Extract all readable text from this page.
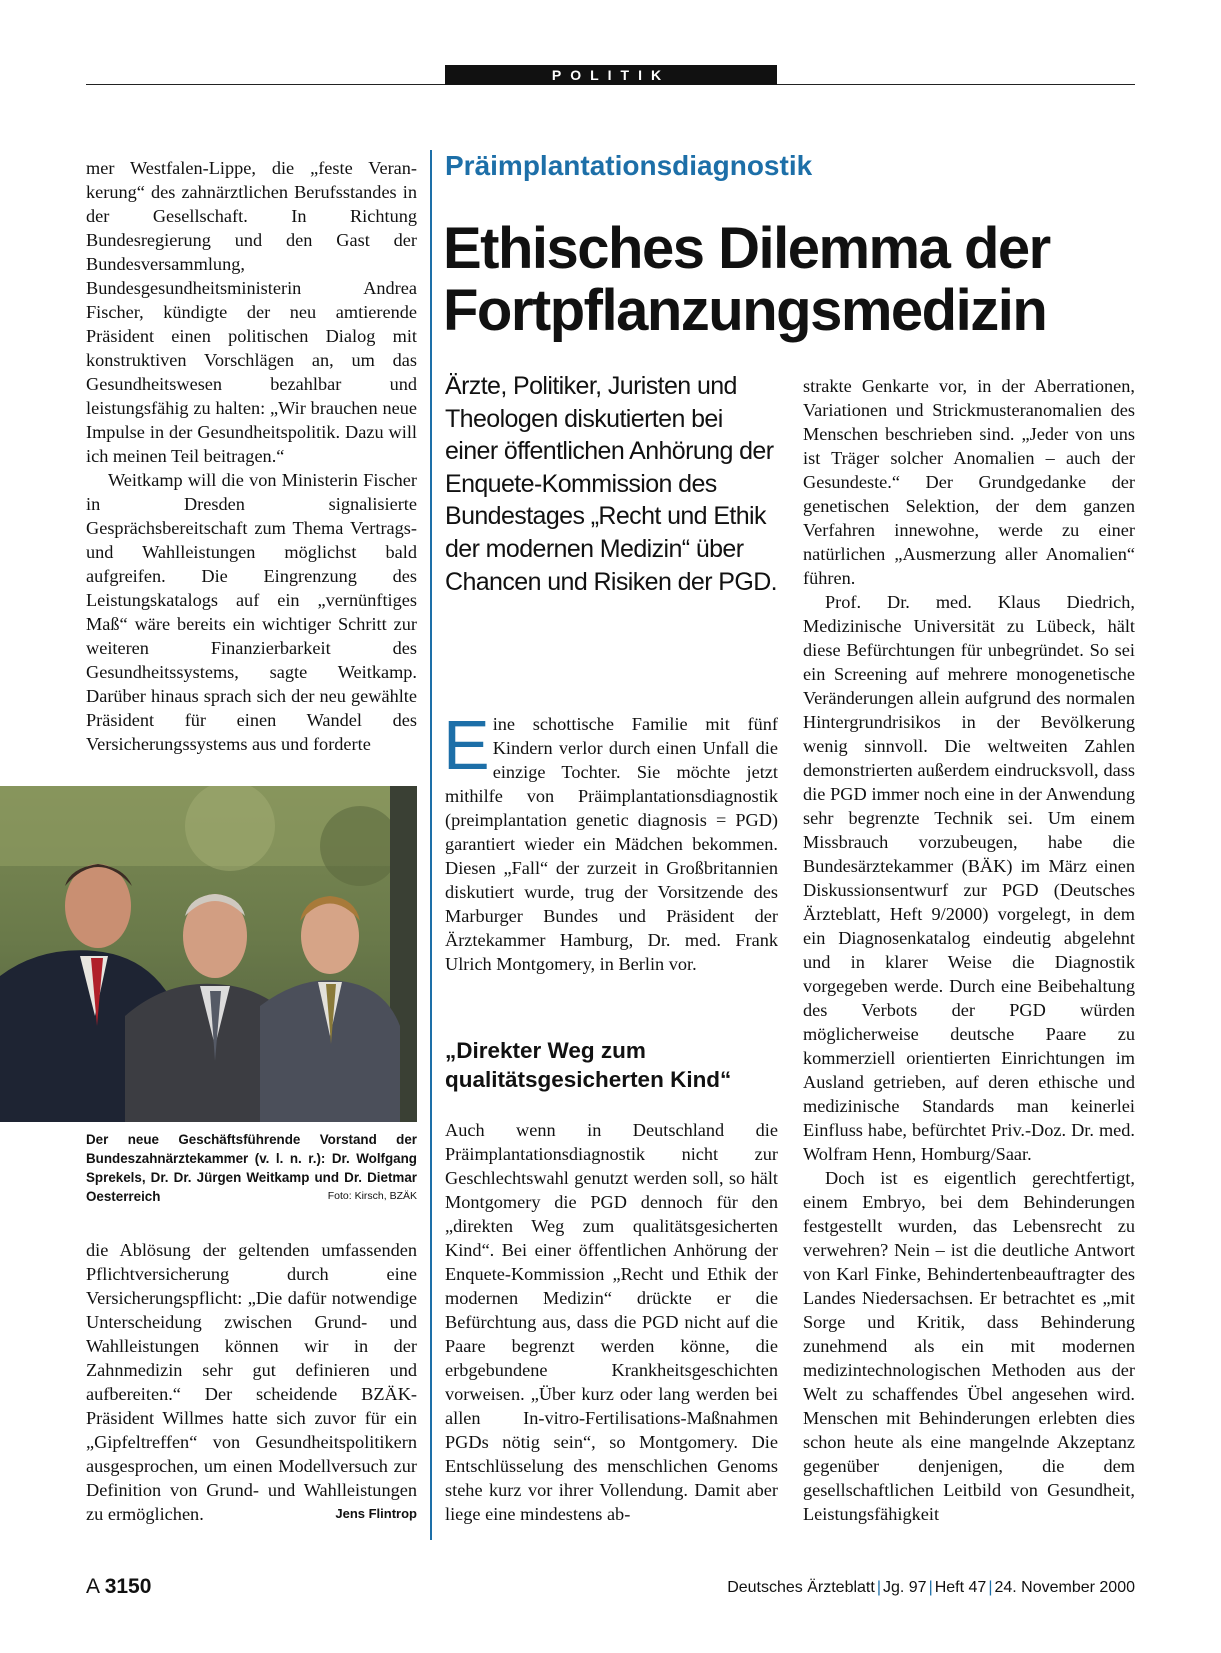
POLITIK

mer Westfalen-Lippe, die „feste Veran-kerung“ des zahnärztlichen Berufsstandes in der Gesellschaft. In Richtung Bundesregierung und den Gast der Bundesversammlung, Bundesgesundheitsministerin Andrea Fischer, kündigte der neu amtierende Präsident einen politischen Dialog mit konstruktiven Vorschlägen an, um das Gesundheitswesen bezahlbar und leistungsfähig zu halten: „Wir brauchen neue Impulse in der Gesundheitspolitik. Dazu will ich meinen Teil beitragen.“

Weitkamp will die von Ministerin Fischer in Dresden signalisierte Gesprächsbereitschaft zum Thema Vertrags- und Wahlleistungen möglichst bald aufgreifen. Die Eingrenzung des Leistungskatalogs auf ein „vernünftiges Maß“ wäre bereits ein wichtiger Schritt zur weiteren Finanzierbarkeit des Gesundheitssystems, sagte Weitkamp. Darüber hinaus sprach sich der neu gewählte Präsident für einen Wandel des Versicherungssystems aus und forderte

Der neue Geschäftsführende Vorstand der Bundeszahnärztekammer (v. l. n. r.): Dr. Wolfgang Sprekels, Dr. Dr. Jürgen Weitkamp und Dr. Dietmar Oesterreich	Foto: Kirsch, BZÄK

die Ablösung der geltenden umfassenden Pflichtversicherung durch eine Versicherungspflicht: „Die dafür notwendige Unterscheidung zwischen Grund- und Wahlleistungen können wir in der Zahnmedizin sehr gut definieren und aufbereiten.“ Der scheidende BZÄK-Präsident Willmes hatte sich zuvor für ein „Gipfeltreffen“ von Gesundheitspolitikern ausgesprochen, um einen Modellversuch zur Definition von Grund- und Wahlleistungen zu ermöglichen.	Jens Flintrop

Präimplantationsdiagnostik
Ethisches Dilemma der
Fortpflanzungsmedizin
Ärzte, Politiker, Juristen und Theologen diskutierten bei einer öffentlichen Anhörung der Enquete-Kommission des Bundestages „Recht und Ethik der modernen Medizin“ über Chancen und Risiken der PGD.
E ine schottische Familie mit fünf Kindern verlor durch einen Unfall die einzige Tochter. Sie möchte jetzt mithilfe von Präimplantationsdiagnostik (preimplantation genetic diagnosis = PGD) garantiert wieder ein Mädchen bekommen. Diesen „Fall“ der zurzeit in Großbritannien diskutiert wurde, trug der Vorsitzende des Marburger Bundes und Präsident der Ärztekammer Hamburg, Dr. med. Frank Ulrich Montgomery, in Berlin vor.

„Direkter Weg zum qualitätsgesicherten Kind“

Auch wenn in Deutschland die Präimplantationsdiagnostik nicht zur Geschlechtswahl genutzt werden soll, so hält Montgomery die PGD dennoch für den „direkten Weg zum qualitätsgesicherten Kind“. Bei einer öffentlichen Anhörung der Enquete-Kommission „Recht und Ethik der modernen Medizin“ drückte er die Befürchtung aus, dass die PGD nicht auf die Paare begrenzt werden könne, die erbgebundene Krankheitsgeschichten vorweisen. „Über kurz oder lang werden bei allen In-vitro-Fertilisations-Maßnahmen PGDs nötig sein“, so Montgomery. Die Entschlüsselung des menschlichen Genoms stehe kurz vor ihrer Vollendung. Damit aber liege eine mindestens ab-

strakte Genkarte vor, in der Aberrationen, Variationen und Strickmusteranomalien des Menschen beschrieben sind. „Jeder von uns ist Träger solcher Anomalien – auch der Gesundeste.“ Der Grundgedanke der genetischen Selektion, der dem ganzen Verfahren innewohne, werde zu einer natürlichen „Ausmerzung aller Anomalien“ führen.

Prof. Dr. med. Klaus Diedrich, Medizinische Universität zu Lübeck, hält diese Befürchtungen für unbegründet. So sei ein Screening auf mehrere monogenetische Veränderungen allein aufgrund des normalen Hintergrundrisikos in der Bevölkerung wenig sinnvoll. Die weltweiten Zahlen demonstrierten außerdem eindrucksvoll, dass die PGD immer noch eine in der Anwendung sehr begrenzte Technik sei. Um einem Missbrauch vorzubeugen, habe die Bundesärztekammer (BÄK) im März einen Diskussionsentwurf zur PGD (Deutsches Ärzteblatt, Heft 9/2000) vorgelegt, in dem ein Diagnosenkatalog eindeutig abgelehnt und in klarer Weise die Diagnostik vorgegeben werde. Durch eine Beibehaltung des Verbots der PGD würden möglicherweise deutsche Paare zu kommerziell orientierten Einrichtungen im Ausland getrieben, auf deren ethische und medizinische Standards man keinerlei Einfluss habe, befürchtet Priv.-Doz. Dr. med. Wolfram Henn, Homburg/Saar.

Doch ist es eigentlich gerechtfertigt, einem Embryo, bei dem Behinderungen festgestellt wurden, das Lebensrecht zu verwehren? Nein – ist die deutliche Antwort von Karl Finke, Behindertenbeauftragter des Landes Niedersachsen. Er betrachtet es „mit Sorge und Kritik, dass Behinderung zunehmend als ein mit modernen medizintechnologischen Methoden aus der Welt zu schaffendes Übel angesehen wird. Menschen mit Behinderungen erlebten dies schon heute als eine mangelnde Akzeptanz gegenüber denjenigen, die dem gesellschaftlichen Leitbild von Gesundheit, Leistungsfähigkeit

A 3150	Deutsches Ärzteblatt | Jg. 97 | Heft 47 | 24. November 2000
